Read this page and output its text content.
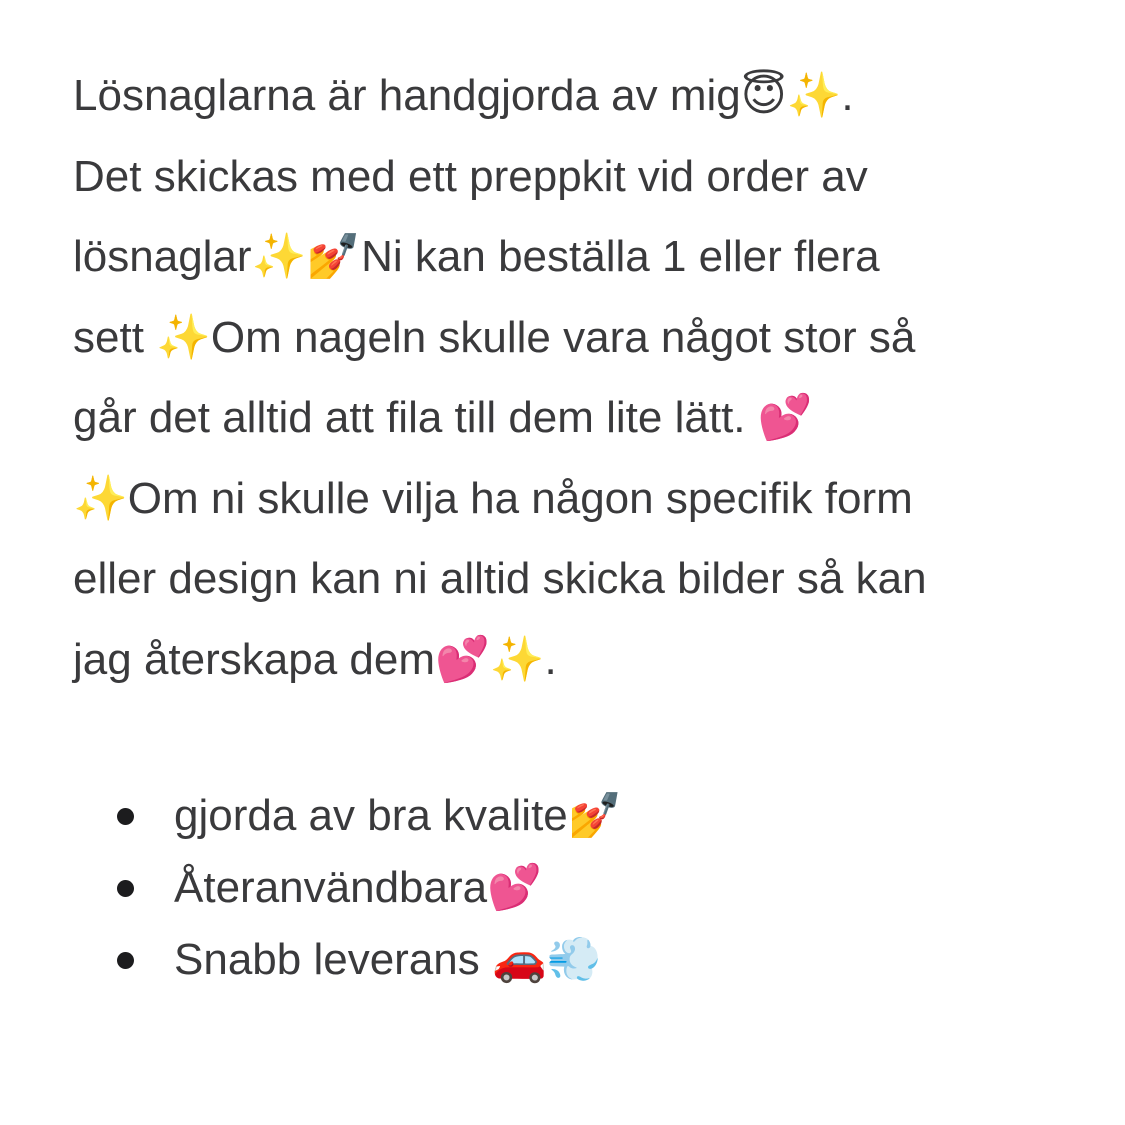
Lösnaglarna är handgjorda av mig😇✨.
Det skickas med ett preppkit vid order av
lösnaglar✨💅Ni kan beställa 1 eller flera
sett ✨Om nageln skulle vara något stor så
går det alltid att fila till dem lite lätt. 💕
✨Om ni skulle vilja ha någon specifik form
eller design kan ni alltid skicka bilder så kan
jag återskapa dem💕✨.
gjorda av bra kvalite💅
Återanvändbara💕
Snabb leverans 🚗💨
